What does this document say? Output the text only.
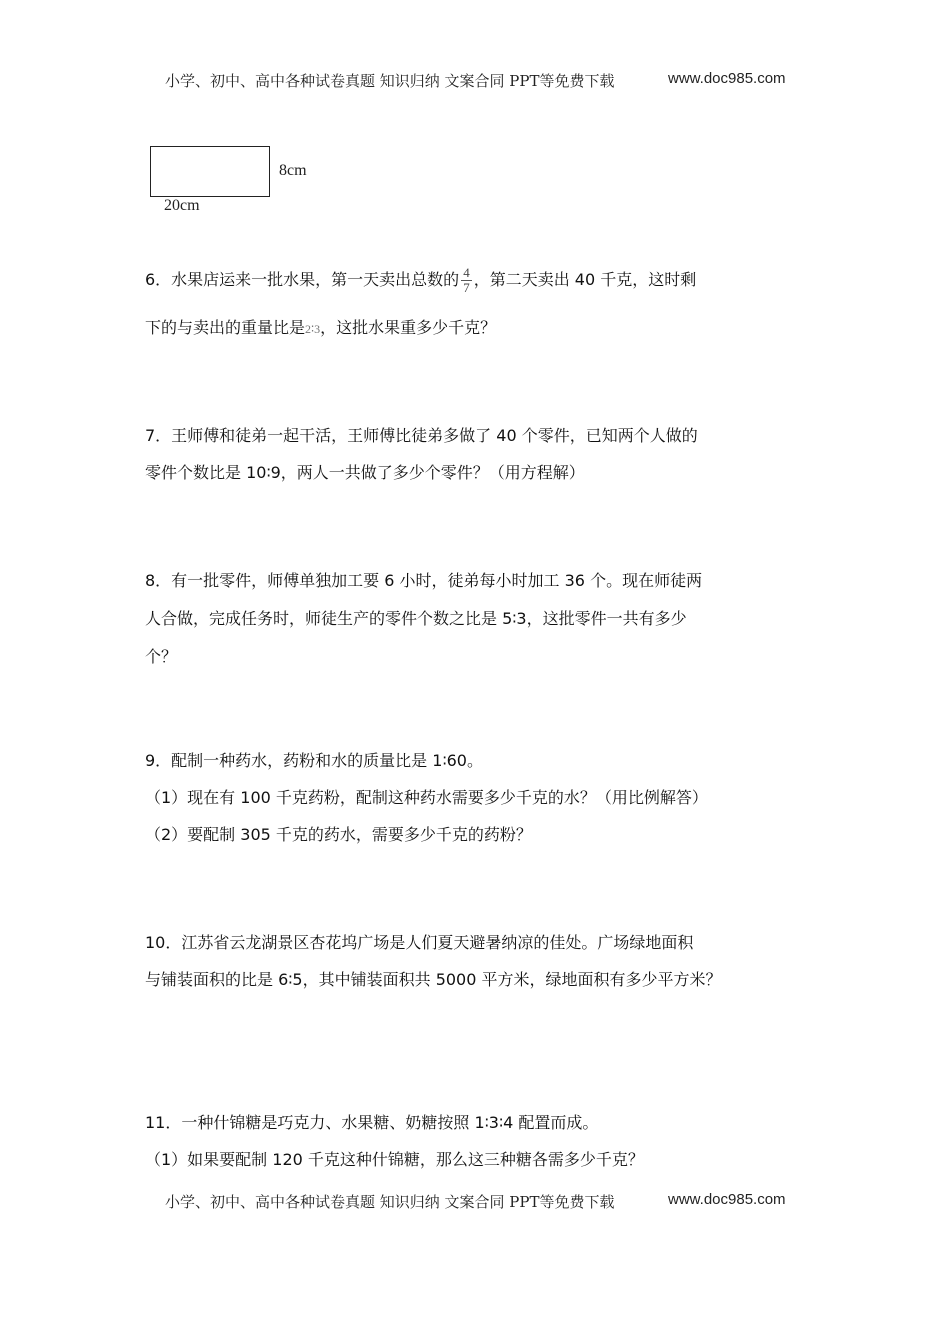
小学、初中、高中各种试卷真题 知识归纳 文案合同 PPT等免费下载	www.doc985.com
8cm
20cm
6．水果店运来一批水果，第一天卖出总数的 $\frac{4}{7}$ ，第二天卖出 40 千克，这时剩
下的与卖出的重量比是2∶3，这批水果重多少千克？
7．王师傅和徒弟一起干活，王师傅比徒弟多做了 40 个零件，已知两个人做的
零件个数比是 10∶9，两人一共做了多少个零件？（用方程解）
8．有一批零件，师傅单独加工要 6 小时，徒弟每小时加工 36 个。现在师徒两
人合做，完成任务时，师徒生产的零件个数之比是 5∶3，这批零件一共有多少
个？
9．配制一种药水，药粉和水的质量比是 1∶60。
（1）现在有 100 千克药粉，配制这种药水需要多少千克的水？（用比例解答）
（2）要配制 305 千克的药水，需要多少千克的药粉？
10．江苏省云龙湖景区杏花坞广场是人们夏天避暑纳凉的佳处。广场绿地面积
与铺装面积的比是 6∶5，其中铺装面积共 5000 平方米，绿地面积有多少平方米？
11．一种什锦糖是巧克力、水果糖、奶糖按照 1∶3∶4 配置而成。
（1）如果要配制 120 千克这种什锦糖，那么这三种糖各需多少千克？
小学、初中、高中各种试卷真题 知识归纳 文案合同 PPT等免费下载	www.doc985.com
